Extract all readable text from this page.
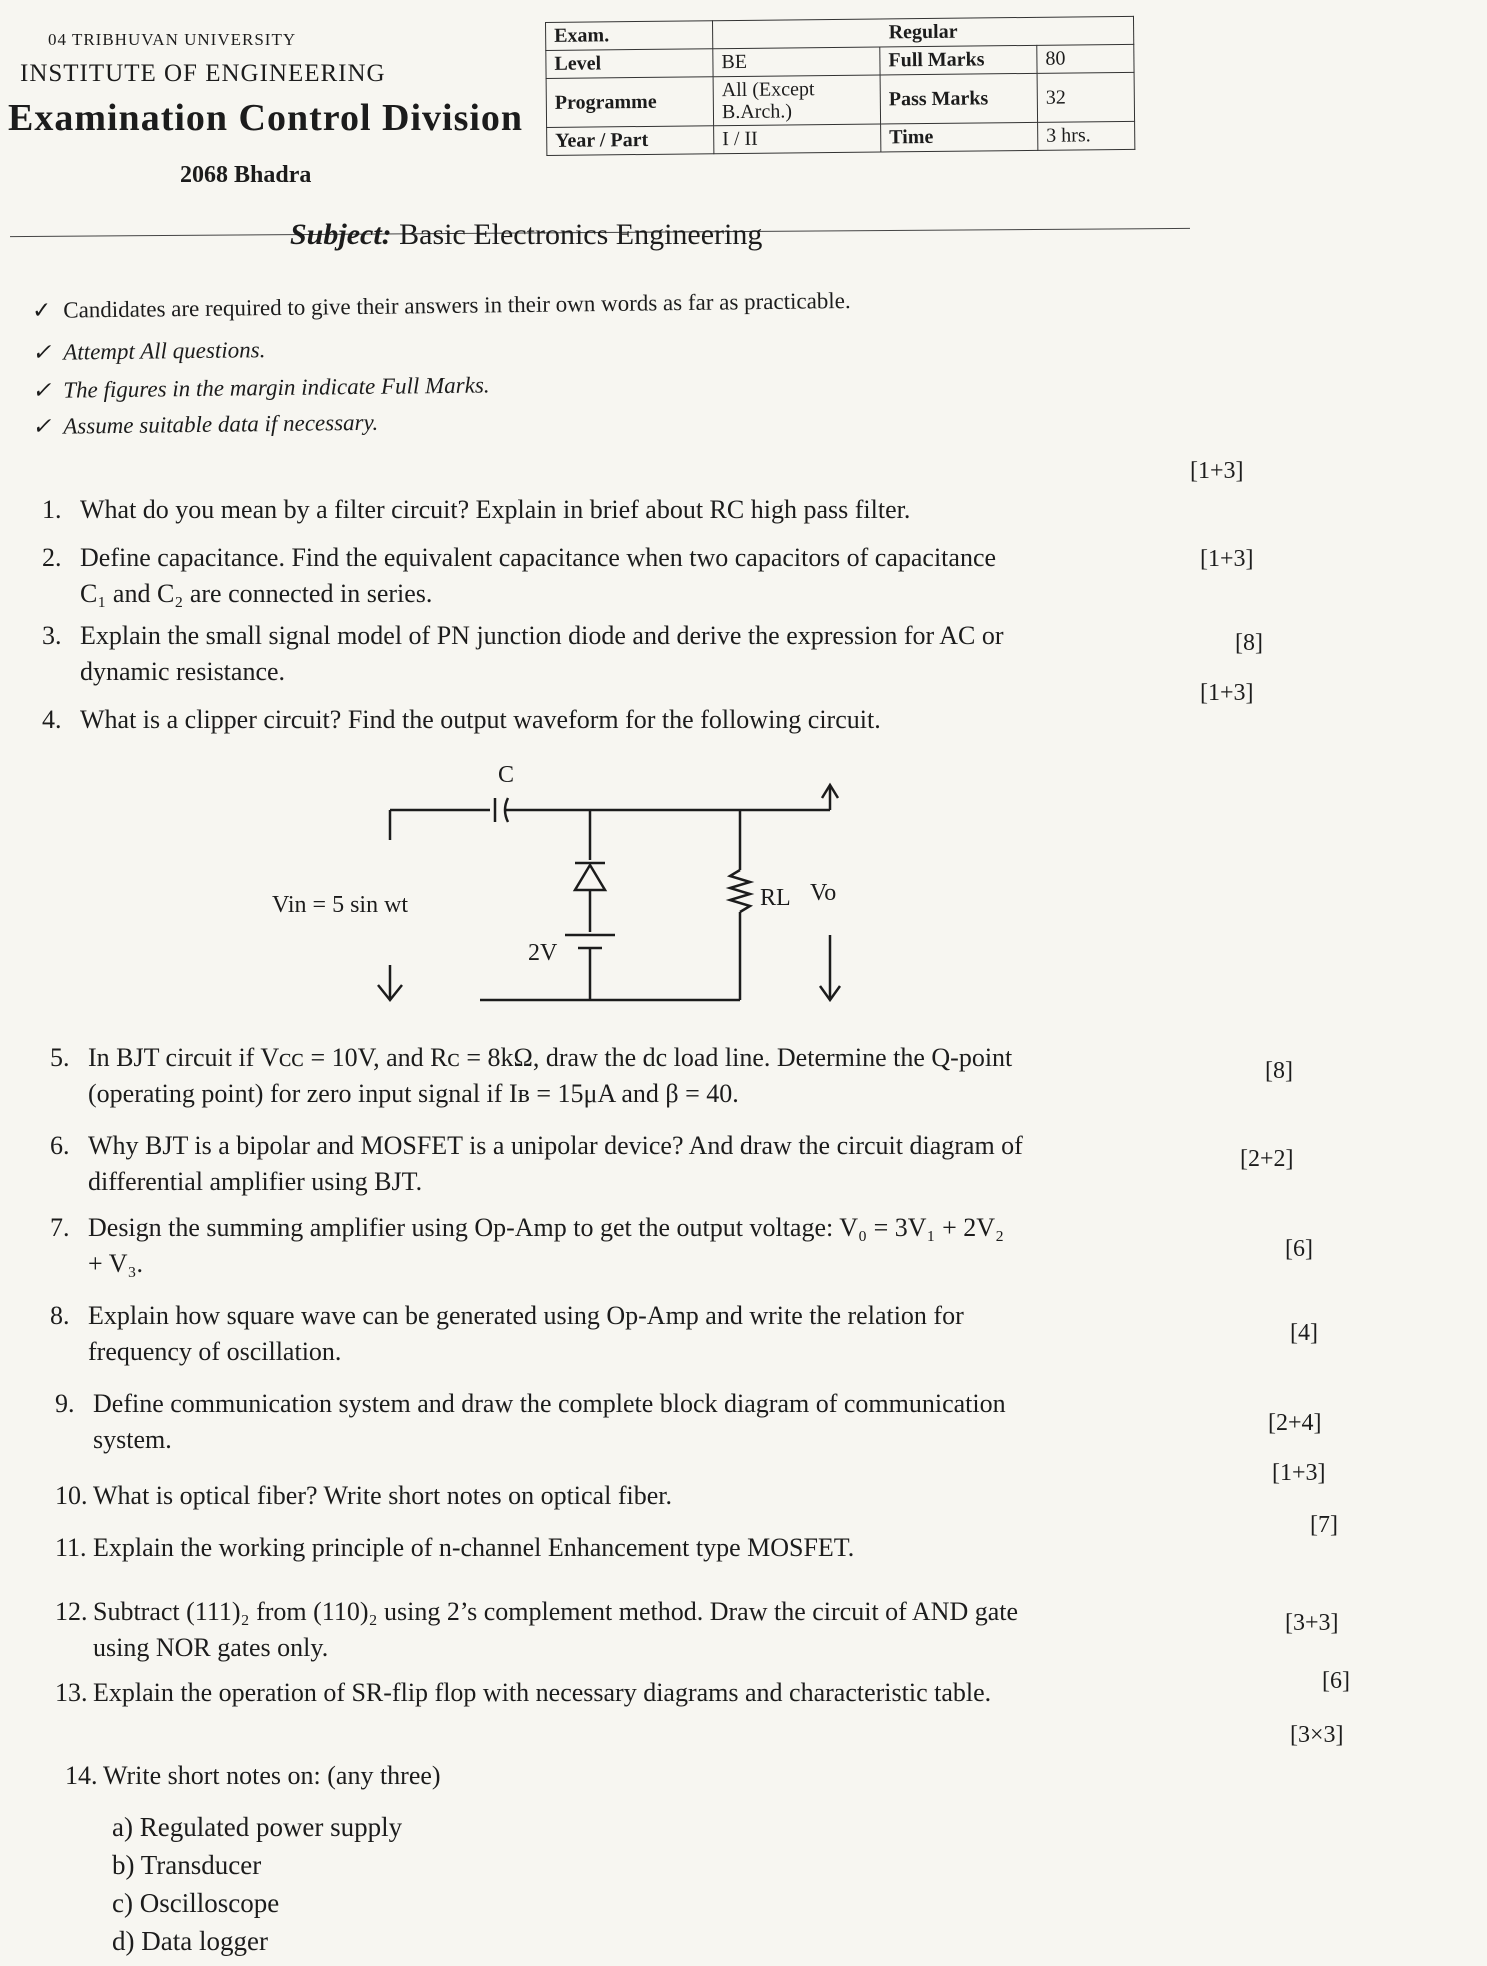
04 TRIBHUVAN UNIVERSITY
INSTITUTE OF ENGINEERING
Examination Control Division
2068 Bhadra
Exam.	Regular		
Level	BE	Full Marks	80
Programme	All (Except B.Arch.)	Pass Marks	32
Year / Part	I / II	Time	3 hrs.
Subject: Basic Electronics Engineering
✓ Candidates are required to give their answers in their own words as far as practicable.
✓ Attempt All questions.
✓ The figures in the margin indicate Full Marks.
✓ Assume suitable data if necessary.
1. What do you mean by a filter circuit? Explain in brief about RC high pass filter.
[1+3]
2. Define capacitance. Find the equivalent capacitance when two capacitors of capacitance
C₁ and C₂ are connected in series.
[1+3]
3. Explain the small signal model of PN junction diode and derive the expression for AC or
dynamic resistance.
[8]
4. What is a clipper circuit? Find the output waveform for the following circuit.
[1+3]
C
Vin = 5 sin wt
2V
RL Vo
5. In BJT circuit if Vᴄᴄ = 10V, and Rᴄ = 8kΩ, draw the dc load line. Determine the Q-point
(operating point) for zero input signal if Iʙ = 15μA and β = 40.
[8]
6. Why BJT is a bipolar and MOSFET is a unipolar device? And draw the circuit diagram of
differential amplifier using BJT.
[2+2]
7. Design the summing amplifier using Op-Amp to get the output voltage: V₀ = 3V₁ + 2V₂
+ V₃.	[6]
8. Explain how square wave can be generated using Op-Amp and write the relation for
frequency of oscillation.
[4]
9. Define communication system and draw the complete block diagram of communication
system.
[2+4]
10. What is optical fiber? Write short notes on optical fiber.
[1+3]
11. Explain the working principle of n-channel Enhancement type MOSFET.
[7]
12. Subtract (111)₂ from (110)₂ using 2’s complement method. Draw the circuit of AND gate
using NOR gates only.
[3+3]
13. Explain the operation of SR-flip flop with necessary diagrams and characteristic table.	[6]
14. Write short notes on: (any three)
[3×3]
a) Regulated power supply
b) Transducer
c) Oscilloscope
d) Data logger
